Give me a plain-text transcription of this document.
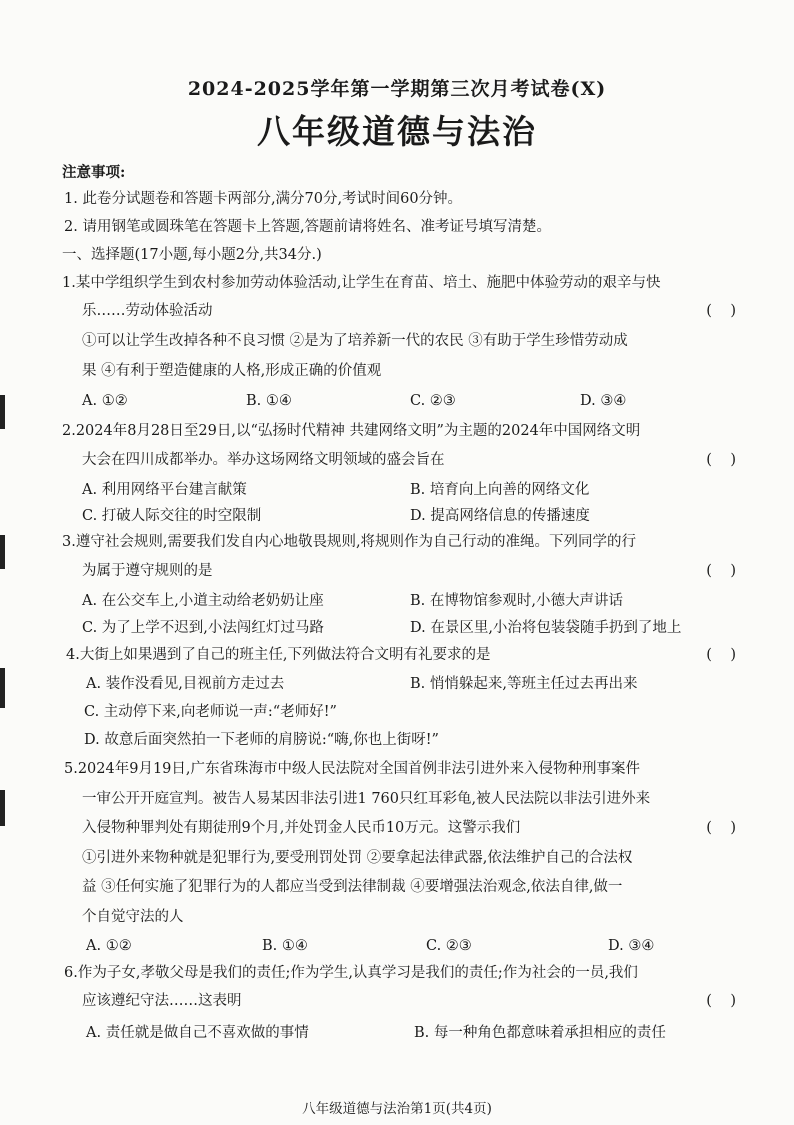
2024-2025学年第一学期第三次月考试卷(X)
八年级道德与法治
注意事项:
1. 此卷分试题卷和答题卡两部分,满分70分,考试时间60分钟。
2. 请用钢笔或圆珠笔在答题卡上答题,答题前请将姓名、准考证号填写清楚。
一、选择题(17小题,每小题2分,共34分.)
1.某中学组织学生到农村参加劳动体验活动,让学生在育苗、培土、施肥中体验劳动的艰辛与快
乐……劳动体验活动	(    )
①可以让学生改掉各种不良习惯 ②是为了培养新一代的农民 ③有助于学生珍惜劳动成
果 ④有利于塑造健康的人格,形成正确的价值观
A. ①②	B. ①④	C. ②③	D. ③④
2.2024年8月28日至29日,以“弘扬时代精神 共建网络文明”为主题的2024年中国网络文明
大会在四川成都举办。举办这场网络文明领域的盛会旨在	(    )
A. 利用网络平台建言献策	B. 培育向上向善的网络文化
C. 打破人际交往的时空限制	D. 提高网络信息的传播速度
3.遵守社会规则,需要我们发自内心地敬畏规则,将规则作为自己行动的准绳。下列同学的行
为属于遵守规则的是	(    )
A. 在公交车上,小道主动给老奶奶让座	B. 在博物馆参观时,小德大声讲话
C. 为了上学不迟到,小法闯红灯过马路	D. 在景区里,小治将包装袋随手扔到了地上
4.大街上如果遇到了自己的班主任,下列做法符合文明有礼要求的是	(    )
A. 装作没看见,目视前方走过去	B. 悄悄躲起来,等班主任过去再出来
C. 主动停下来,向老师说一声:“老师好!”
D. 故意后面突然拍一下老师的肩膀说:“嗨,你也上街呀!”
5.2024年9月19日,广东省珠海市中级人民法院对全国首例非法引进外来入侵物种刑事案件
一审公开开庭宣判。被告人易某因非法引进1 760只红耳彩龟,被人民法院以非法引进外来
入侵物种罪判处有期徒刑9个月,并处罚金人民币10万元。这警示我们	(    )
①引进外来物种就是犯罪行为,要受刑罚处罚 ②要拿起法律武器,依法维护自己的合法权
益 ③任何实施了犯罪行为的人都应当受到法律制裁 ④要增强法治观念,依法自律,做一
个自觉守法的人
A. ①②	B. ①④	C. ②③	D. ③④
6.作为子女,孝敬父母是我们的责任;作为学生,认真学习是我们的责任;作为社会的一员,我们
应该遵纪守法……这表明	(    )
A. 责任就是做自己不喜欢做的事情	B. 每一种角色都意味着承担相应的责任
八年级道德与法治第1页(共4页)
